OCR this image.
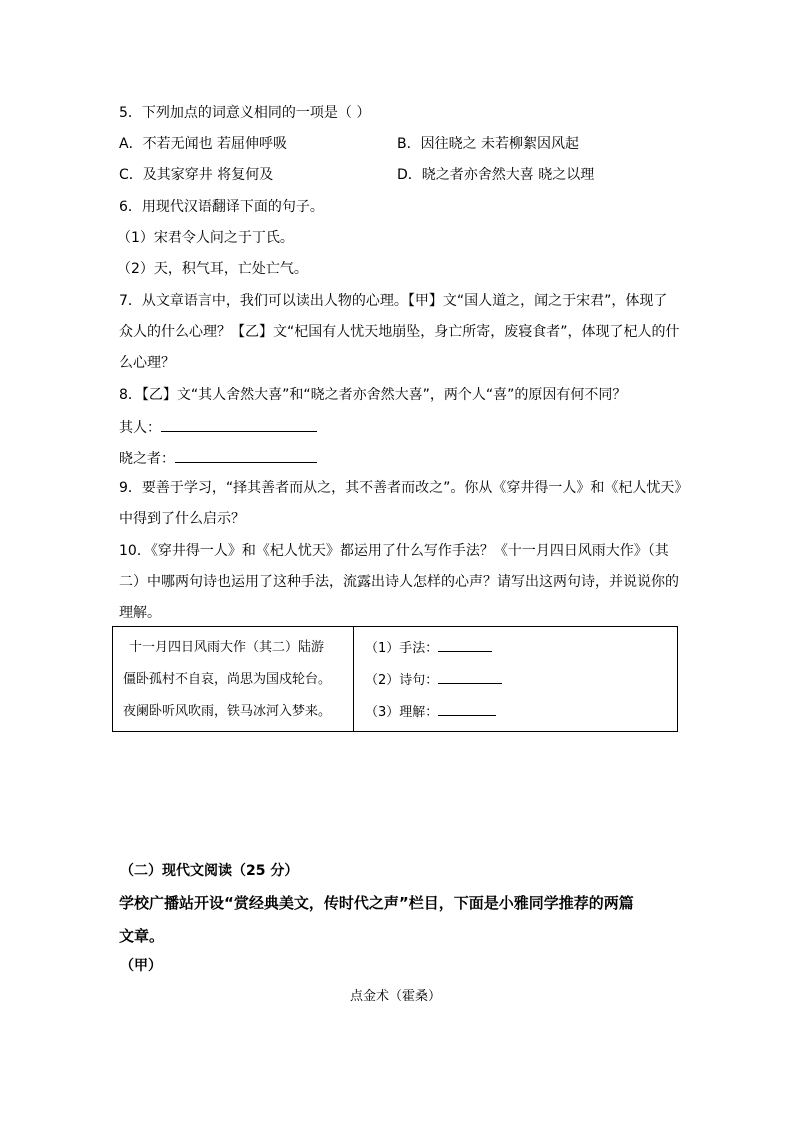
5．下列加点的词意义相同的一项是（ ）
A．不若无闻也 若屈伸呼吸	B．因往晓之 未若柳絮因风起
C．及其家穿井 将复何及	D．晓之者亦舍然大喜 晓之以理
6．用现代汉语翻译下面的句子。
（1）宋君令人问之于丁氏。
（2）天，积气耳，亡处亡气。
7．从文章语言中，我们可以读出人物的心理。【甲】文“国人道之，闻之于宋君”，体现了
众人的什么心理？【乙】文“杞国有人忧天地崩坠，身亡所寄，废寝食者”，体现了杞人的什
么心理？
8．【乙】文“其人舍然大喜”和“晓之者亦舍然大喜”，两个人“喜”的原因有何不同？
其人：
晓之者：
9．要善于学习，“择其善者而从之，其不善者而改之”。你从《穿井得一人》和《杞人忧天》
中得到了什么启示？
10．《穿井得一人》和《杞人忧天》都运用了什么写作手法？《十一月四日风雨大作》（其
二）中哪两句诗也运用了这种手法，流露出诗人怎样的心声？请写出这两句诗，并说说你的
理解。
十一月四日风雨大作（其二）陆游
僵卧孤村不自哀，尚思为国戍轮台。
夜阑卧听风吹雨，铁马冰河入梦来。

（1）手法：
（2）诗句：
（3）理解：
（二）现代文阅读（25 分）
学校广播站开设“赏经典美文，传时代之声”栏目，下面是小雅同学推荐的两篇
文章。
（甲）
点金术（霍桑）
